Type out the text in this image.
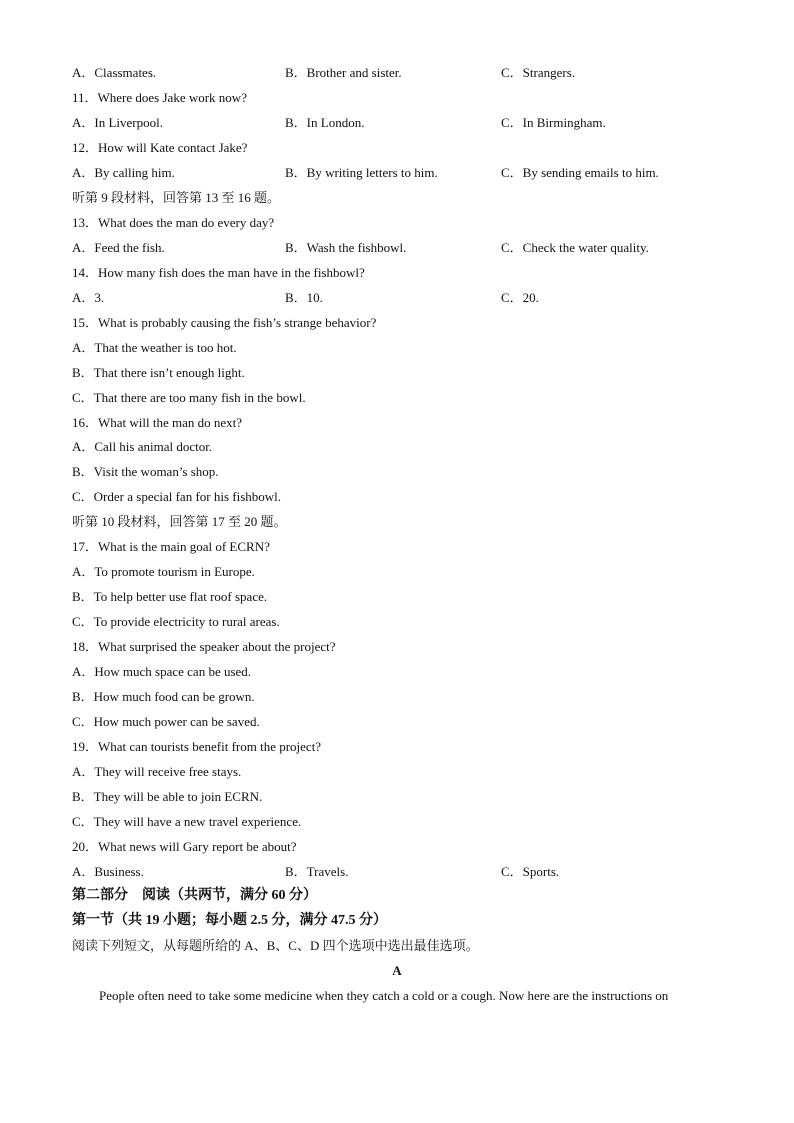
A．Classmates.	B．Brother and sister.	C．Strangers.
11．Where does Jake work now?
A．In Liverpool.	B．In London.	C．In Birmingham.
12．How will Kate contact Jake?
A．By calling him.	B．By writing letters to him.	C．By sending emails to him.
听第 9 段材料，回答第 13 至 16 题。
13．What does the man do every day?
A．Feed the fish.	B．Wash the fishbowl.	C．Check the water quality.
14．How many fish does the man have in the fishbowl?
A．3.	B．10.	C．20.
15．What is probably causing the fish’s strange behavior?
A．That the weather is too hot.
B．That there isn’t enough light.
C．That there are too many fish in the bowl.
16．What will the man do next?
A．Call his animal doctor.
B．Visit the woman’s shop.
C．Order a special fan for his fishbowl.
听第 10 段材料，回答第 17 至 20 题。
17．What is the main goal of ECRN?
A．To promote tourism in Europe.
B．To help better use flat roof space.
C．To provide electricity to rural areas.
18．What surprised the speaker about the project?
A．How much space can be used.
B．How much food can be grown.
C．How much power can be saved.
19．What can tourists benefit from the project?
A．They will receive free stays.
B．They will be able to join ECRN.
C．They will have a new travel experience.
20．What news will Gary report be about?
A．Business.	B．Travels.	C．Sports.
第二部分　阅读（共两节，满分 60 分）
第一节（共 19 小题；每小题 2.5 分，满分 47.5 分）
阅读下列短文，从每题所给的 A、B、C、D 四个选项中选出最佳选项。
A
People often need to take some medicine when they catch a cold or a cough. Now here are the instructions on
